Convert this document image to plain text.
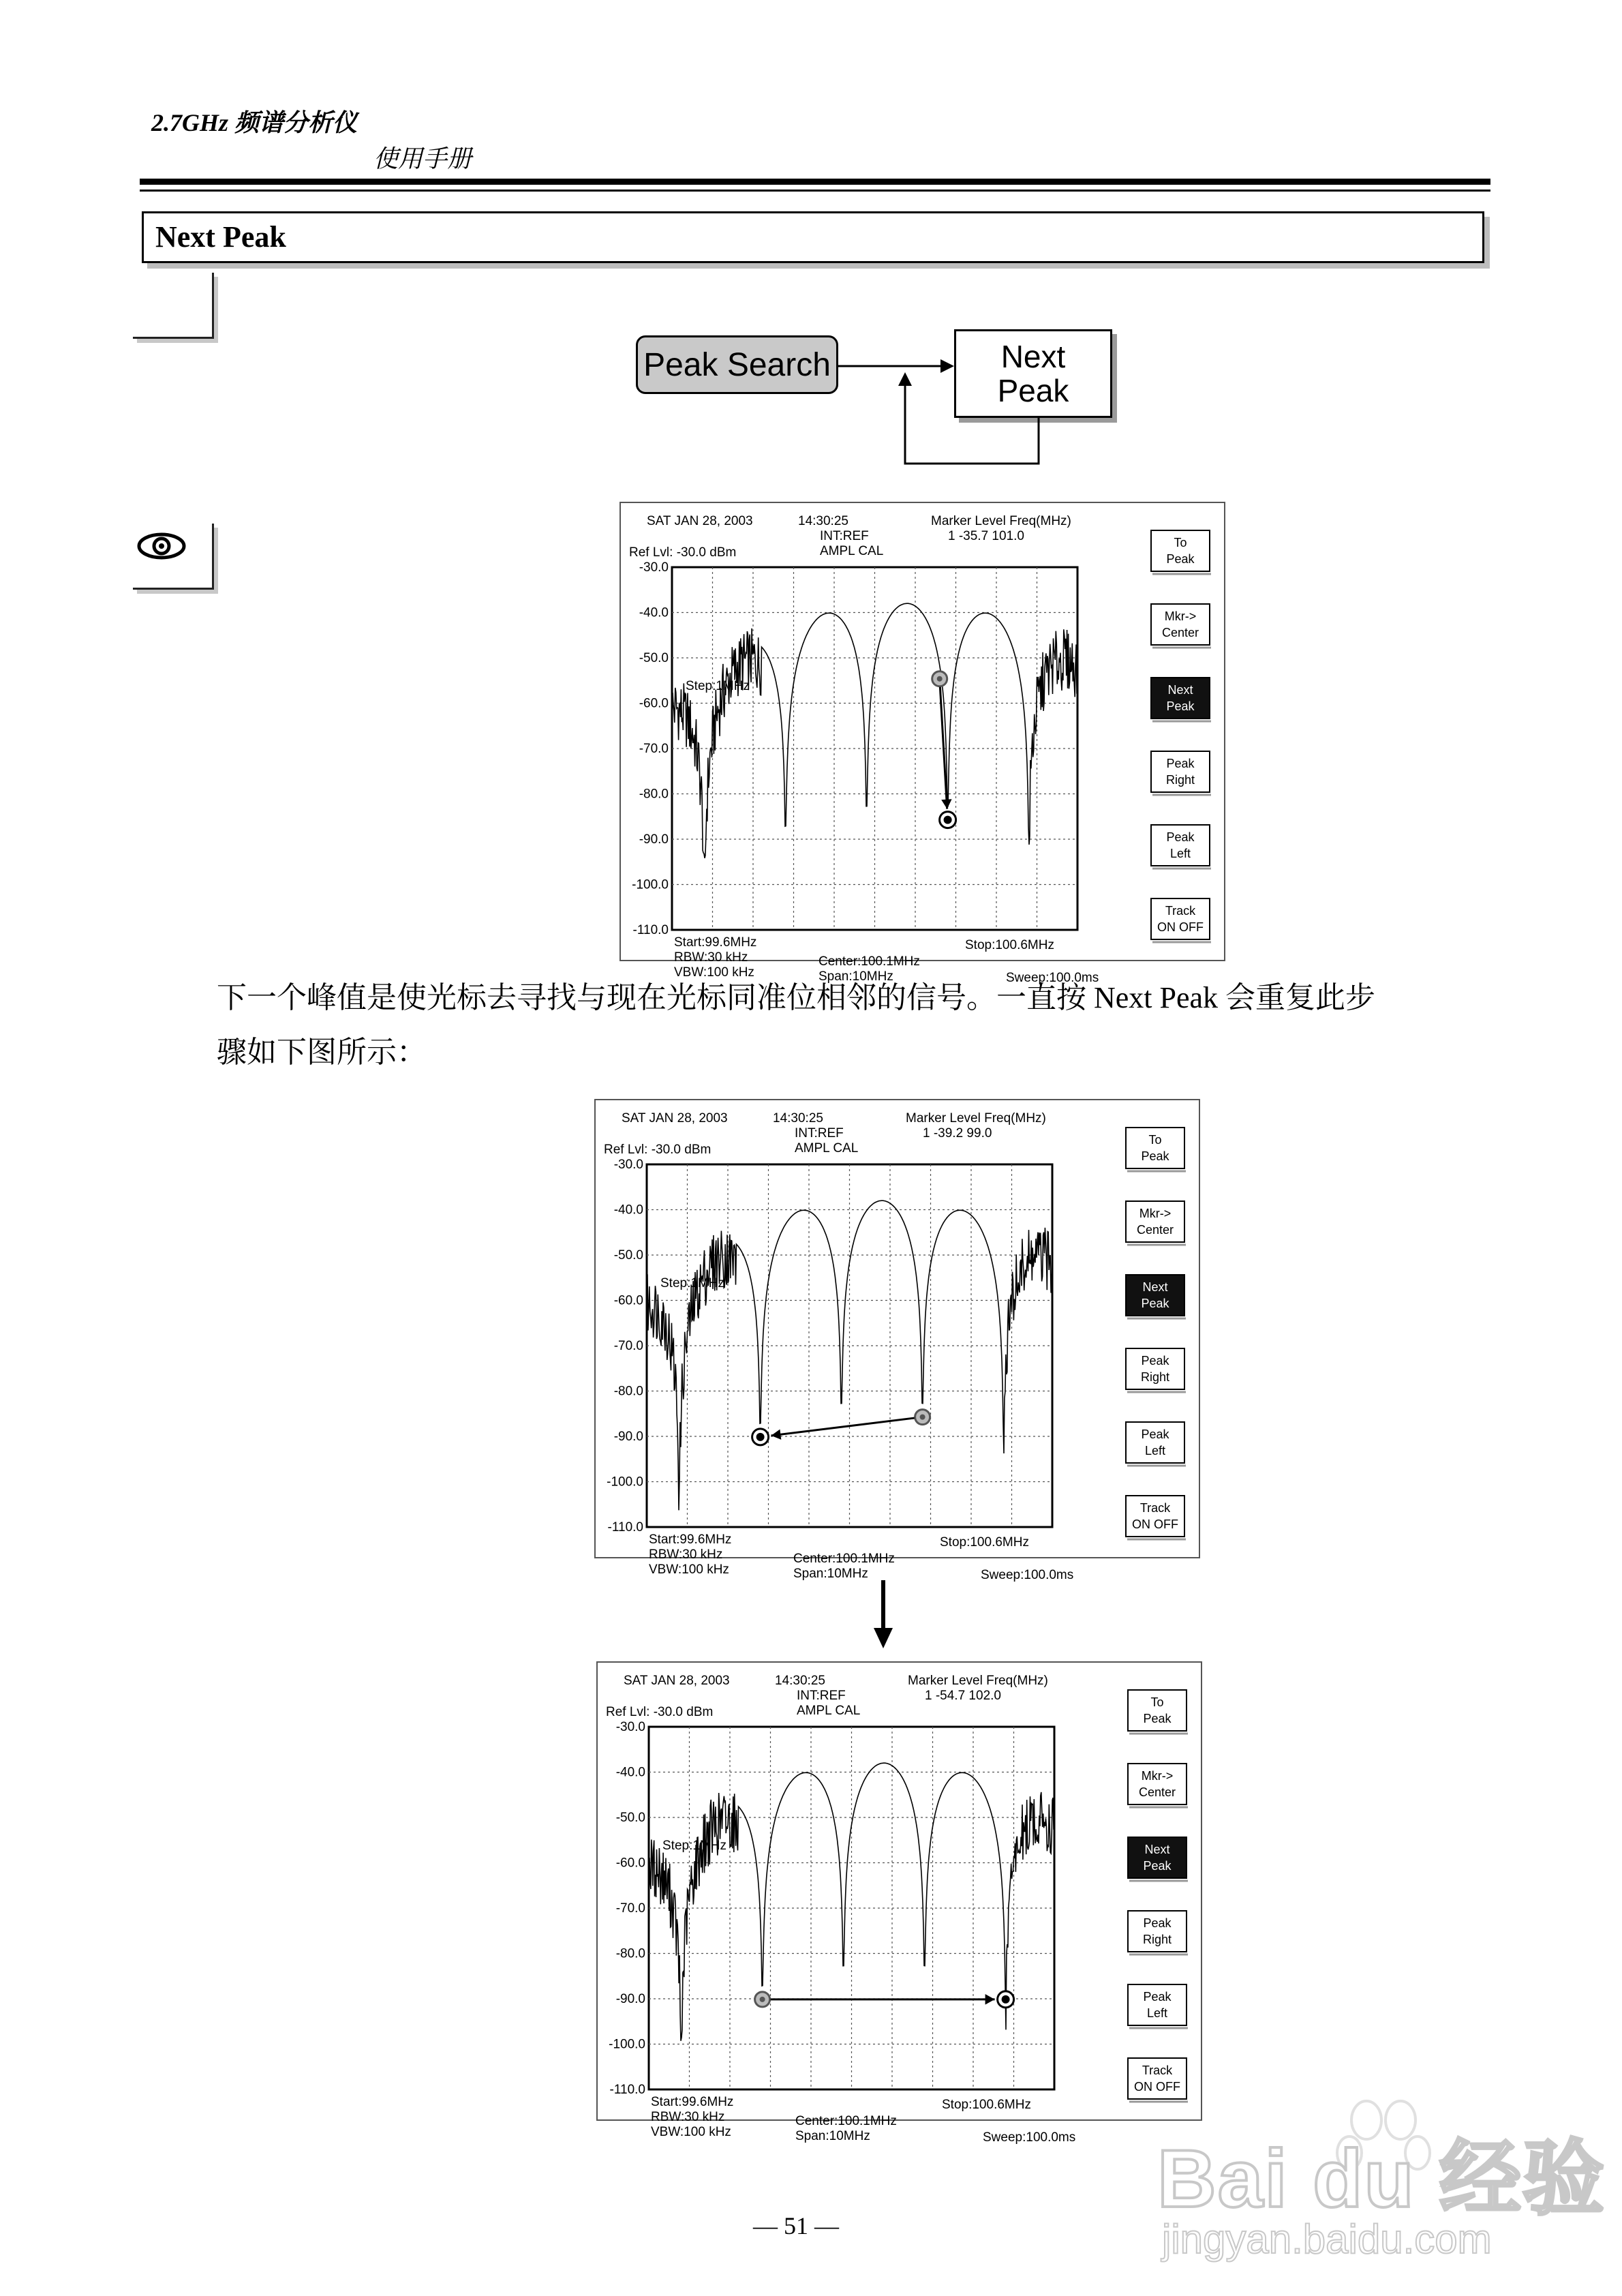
2.7GHz 频谱分析仪
使用手册
Next Peak
Peak Search	Next
Peak
SAT JAN 28, 2003	14:30:25
INT:REF
AMPL CAL
Marker Level Freq(MHz)
1 -35.7 101.0
Ref Lvl: -30.0 dBm
-30.0
-40.0
-50.0
-60.0
-70.0
-80.0
-90.0
-100.0
-110.0
Step:1MHz
Start:99.6MHz
RBW:30 kHz
VBW:100 kHz
Center:100.1MHz
Span:10MHz
Stop:100.6MHz
Sweep:100.0ms
To
Peak
Mkr->
Center
Next
Peak
Peak
Right
Peak
Left
Track
ON OFF
下一个峰值是使光标去寻找与现在光标同准位相邻的信号。一直按 Next Peak 会重复此步
骤如下图所示：
SAT JAN 28, 2003	14:30:25
INT:REF
AMPL CAL
Marker Level Freq(MHz)
1 -39.2 99.0
Ref Lvl: -30.0 dBm
-30.0
-40.0
-50.0
-60.0
-70.0
-80.0
-90.0
-100.0
-110.0
Step:1MHz
Start:99.6MHz
RBW:30 kHz
VBW:100 kHz
Center:100.1MHz
Span:10MHz
Stop:100.6MHz
Sweep:100.0ms
To
Peak
Mkr->
Center
Next
Peak
Peak
Right
Peak
Left
Track
ON OFF
SAT JAN 28, 2003	14:30:25
INT:REF
AMPL CAL
Marker Level Freq(MHz)
1 -54.7 102.0
Ref Lvl: -30.0 dBm
-30.0
-40.0
-50.0
-60.0
-70.0
-80.0
-90.0
-100.0
-110.0
Step:1MHz
Start:99.6MHz
RBW:30 kHz
VBW:100 kHz
Center:100.1MHz
Span:10MHz
Stop:100.6MHz
Sweep:100.0ms
To
Peak
Mkr->
Center
Next
Peak
Peak
Right
Peak
Left
Track
ON OFF
— 51 —
Bai du 经验
jingyan.baidu.com
